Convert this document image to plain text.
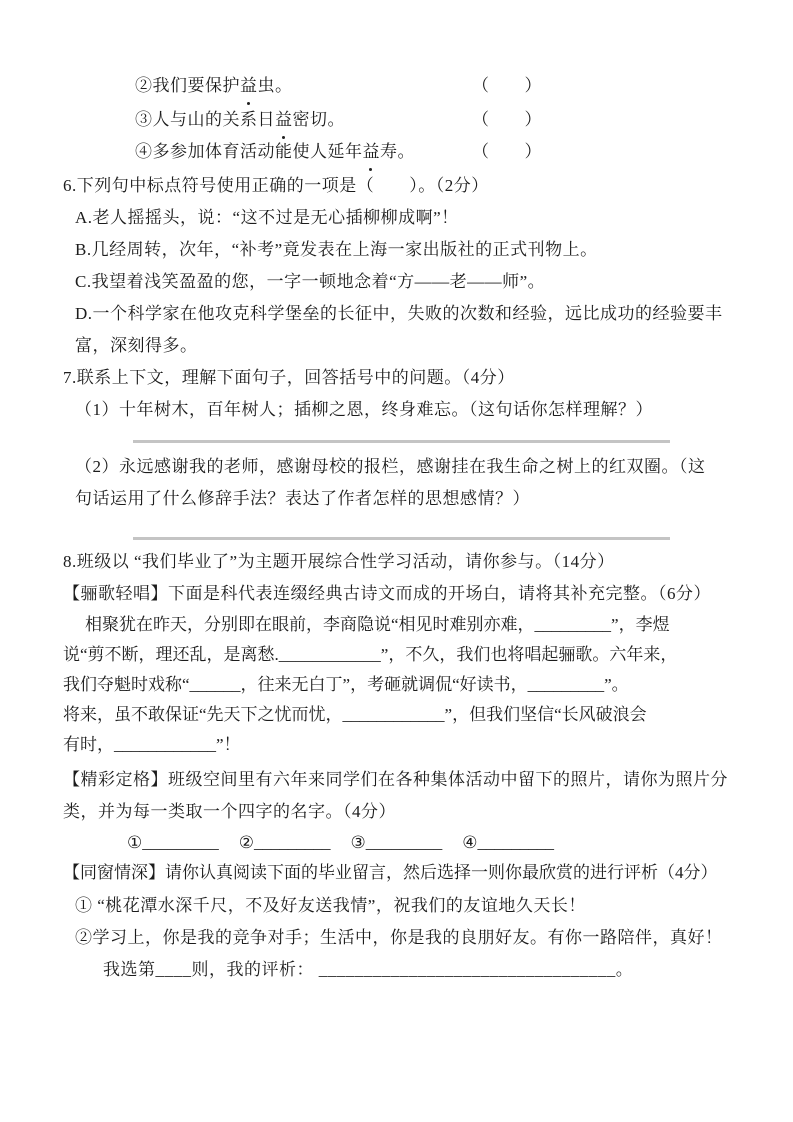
②我们要保护益虫。	（　　）
③人与山的关系日益密切。	（　　）
④多参加体育活动能使人延年益寿。	（　　）
6.下列句中标点符号使用正确的一项是（　　）。（2分）
A.老人摇摇头，说：“这不过是无心插柳柳成啊”！
B.几经周转，次年，“补考”竟发表在上海一家出版社的正式刊物上。
C.我望着浅笑盈盈的您，一字一顿地念着“方——老——师”。
D.一个科学家在他攻克科学堡垒的长征中，失败的次数和经验，远比成功的经验要丰
富，深刻得多。
7.联系上下文，理解下面句子，回答括号中的问题。（4分）
（1）十年树木，百年树人；插柳之恩，终身难忘。（这句话你怎样理解？）
（2）永远感谢我的老师，感谢母校的报栏，感谢挂在我生命之树上的红双圈。（这
句话运用了什么修辞手法？表达了作者怎样的思想感情？）
8.班级以 “我们毕业了”为主题开展综合性学习活动，请你参与。（14分）
【骊歌轻唱】下面是科代表连缀经典古诗文而成的开场白，请将其补充完整。（6分）
相聚犹在昨天，分别即在眼前，李商隐说“相见时难别亦难，_________”，李煜
说“剪不断，理还乱，是离愁.____________”，不久，我们也将唱起骊歌。六年来，
我们夺魁时戏称“______，往来无白丁”，考砸就调侃“好读书，_________”。
将来，虽不敢保证“先天下之忧而忧，____________”，但我们坚信“长风破浪会
有时，____________”！
【精彩定格】班级空间里有六年来同学们在各种集体活动中留下的照片，请你为照片分
类，并为每一类取一个四字的名字。（4分）
①_________ ②_________ ③_________ ④_________
【同窗情深】请你认真阅读下面的毕业留言，然后选择一则你最欣赏的进行评析（4分）
① “桃花潭水深千尺，不及好友送我情”，祝我们的友谊地久天长！
②学习上，你是我的竞争对手；生活中，你是我的良朋好友。有你一路陪伴，真好！
我选第____则，我的评析： _________________________________。
